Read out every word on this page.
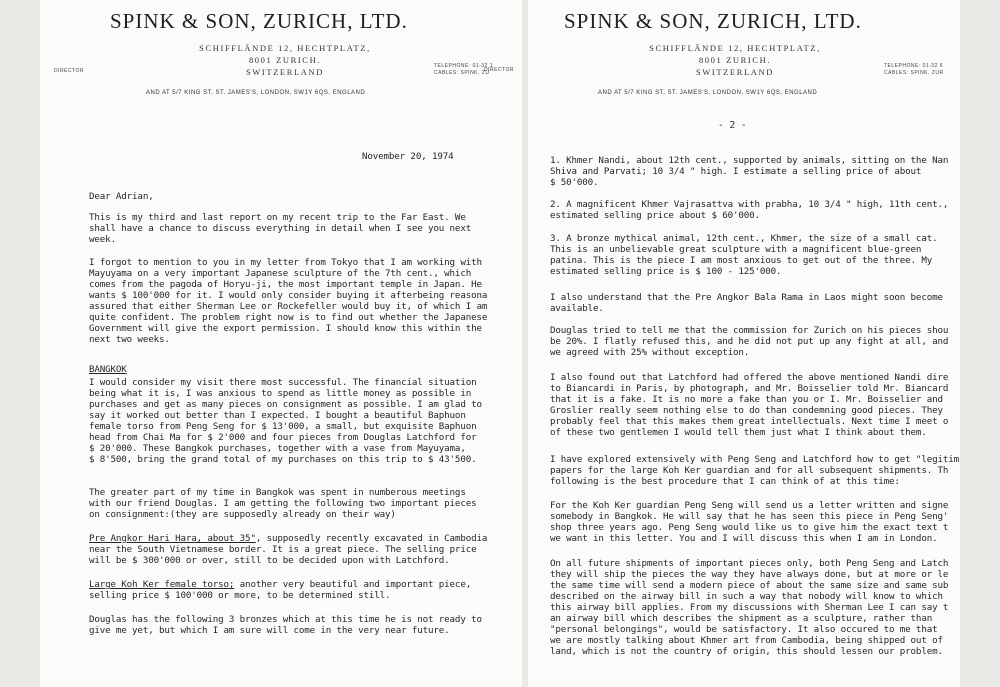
SPINK & SON, ZURICH, LTD.
SCHIFFLÄNDE 12, HECHTPLATZ,
8001 ZURICH.
SWITZERLAND
DIRECTOR
TELEPHONE: 01-32 1
CABLES: SPINK, ZU
DIRECTOR
AND AT 5/7 KING ST, ST. JAMES'S, LONDON, SW1Y 6QS, ENGLAND
November 20, 1974
Dear Adrian,
This is my third and last report on my recent trip to the Far East. We
shall have a chance to discuss everything in detail when I see you next
week.
I forgot to mention to you in my letter from Tokyo that I am working with
Mayuyama on a very important Japanese sculpture of the 7th cent., which
comes from the pagoda of Horyu-ji, the most important temple in Japan. He
wants $ 100'000 for it. I would only consider buying it afterbeing reasona
assured that either Sherman Lee or Rockefeller would buy it, of which I am
quite confident. The problem right now is to find out whether the Japanese
Government will give the export permission. I should know this within the
next two weeks.
BANGKOK
I would consider my visit there most successful. The financial situation
being what it is, I was anxious to spend as little money as possible in
purchases and get as many pieces on consignment as possible. I am glad to
say it worked out better than I expected. I bought a beautiful Baphuon
female torso from Peng Seng for $ 13'000, a small, but exquisite Baphuon
head from Chai Ma for $ 2'000 and four pieces from Douglas Latchford for
$ 20'000. These Bangkok purchases, together with a vase from Mayuyama,
$ 8'500, bring the grand total of my purchases on this trip to $ 43'500.
The greater part of my time in Bangkok was spent in numberous meetings
with our friend Douglas. I am getting the following two important pieces
on consignment:(they are supposedly already on their way)
Pre Angkor Hari Hara, about 35", supposedly recently excavated in Cambodia
near the South Vietnamese border. It is a great piece. The selling price
will be $ 300'000 or over, still to be decided upon with Latchford.
Large Koh Ker female torso; another very beautiful and important piece,
selling price $ 100'000 or more, to be determined still.
Douglas has the following 3 bronzes which at this time he is not ready to
give me yet, but which I am sure will come in the very near future.
SPINK & SON, ZURICH, LTD.
SCHIFFLÄNDE 12, HECHTPLATZ,
8001 ZURICH.
SWITZERLAND
TELEPHONE: 01-32 6
CABLES: SPINK, ZUR
AND AT 5/7 KING ST, ST. JAMES'S, LONDON, SW1Y 6QS, ENGLAND
- 2 -
1. Khmer Nandi, about 12th cent., supported by animals, sitting on the Nan
Shiva and Parvati; 10 3/4 " high. I estimate a selling price of about
$ 50'000.
2. A magnificent Khmer Vajrasattva with prabha, 10 3/4 " high, 11th cent.,
estimated selling price about $ 60'000.
3. A bronze mythical animal, 12th cent., Khmer, the size of a small cat.
This is an unbelievable great sculpture with a magnificent blue-green
patina. This is the piece I am most anxious to get out of the three. My
estimated selling price is $ 100 - 125'000.
I also understand that the Pre Angkor Bala Rama in Laos might soon become
available.
Douglas tried to tell me that the commission for Zurich on his pieces shou
be 20%. I flatly refused this, and he did not put up any fight at all, and
we agreed with 25% without exception.
I also found out that Latchford had offered the above mentioned Nandi dire
to Biancardi in Paris, by photograph, and Mr. Boisselier told Mr. Biancard
that it is a fake. It is no more a fake than you or I. Mr. Boisselier and
Groslier really seem nothing else to do than condemning good pieces. They
probably feel that this makes them great intellectuals. Next time I meet o
of these two gentlemen I would tell them just what I think about them.
I have explored extensively with Peng Seng and Latchford how to get "legitim
papers for the large Koh Ker guardian and for all subsequent shipments. Th
following is the best procedure that I can think of at this time:
For the Koh Ker guardian Peng Seng will send us a letter written and signe
somebody in Bangkok. He will say that he has seen this piece in Peng Seng'
shop three years ago. Peng Seng would like us to give him the exact text t
we want in this letter. You and I will discuss this when I am in London.
On all future shipments of important pieces only, both Peng Seng and Latch
they will ship the pieces the way they have always done, but at more or le
the same time will send a modern piece of about the same size and same sub
described on the airway bill in such a way that nobody will know to which
this airway bill applies. From my discussions with Sherman Lee I can say t
an airway bill which describes the shipment as a sculpture, rather than
"personal belongings", would be satisfactory. It also occured to me that
we are mostly talking about Khmer art from Cambodia, being shipped out of
land, which is not the country of origin, this should lessen our problem.
